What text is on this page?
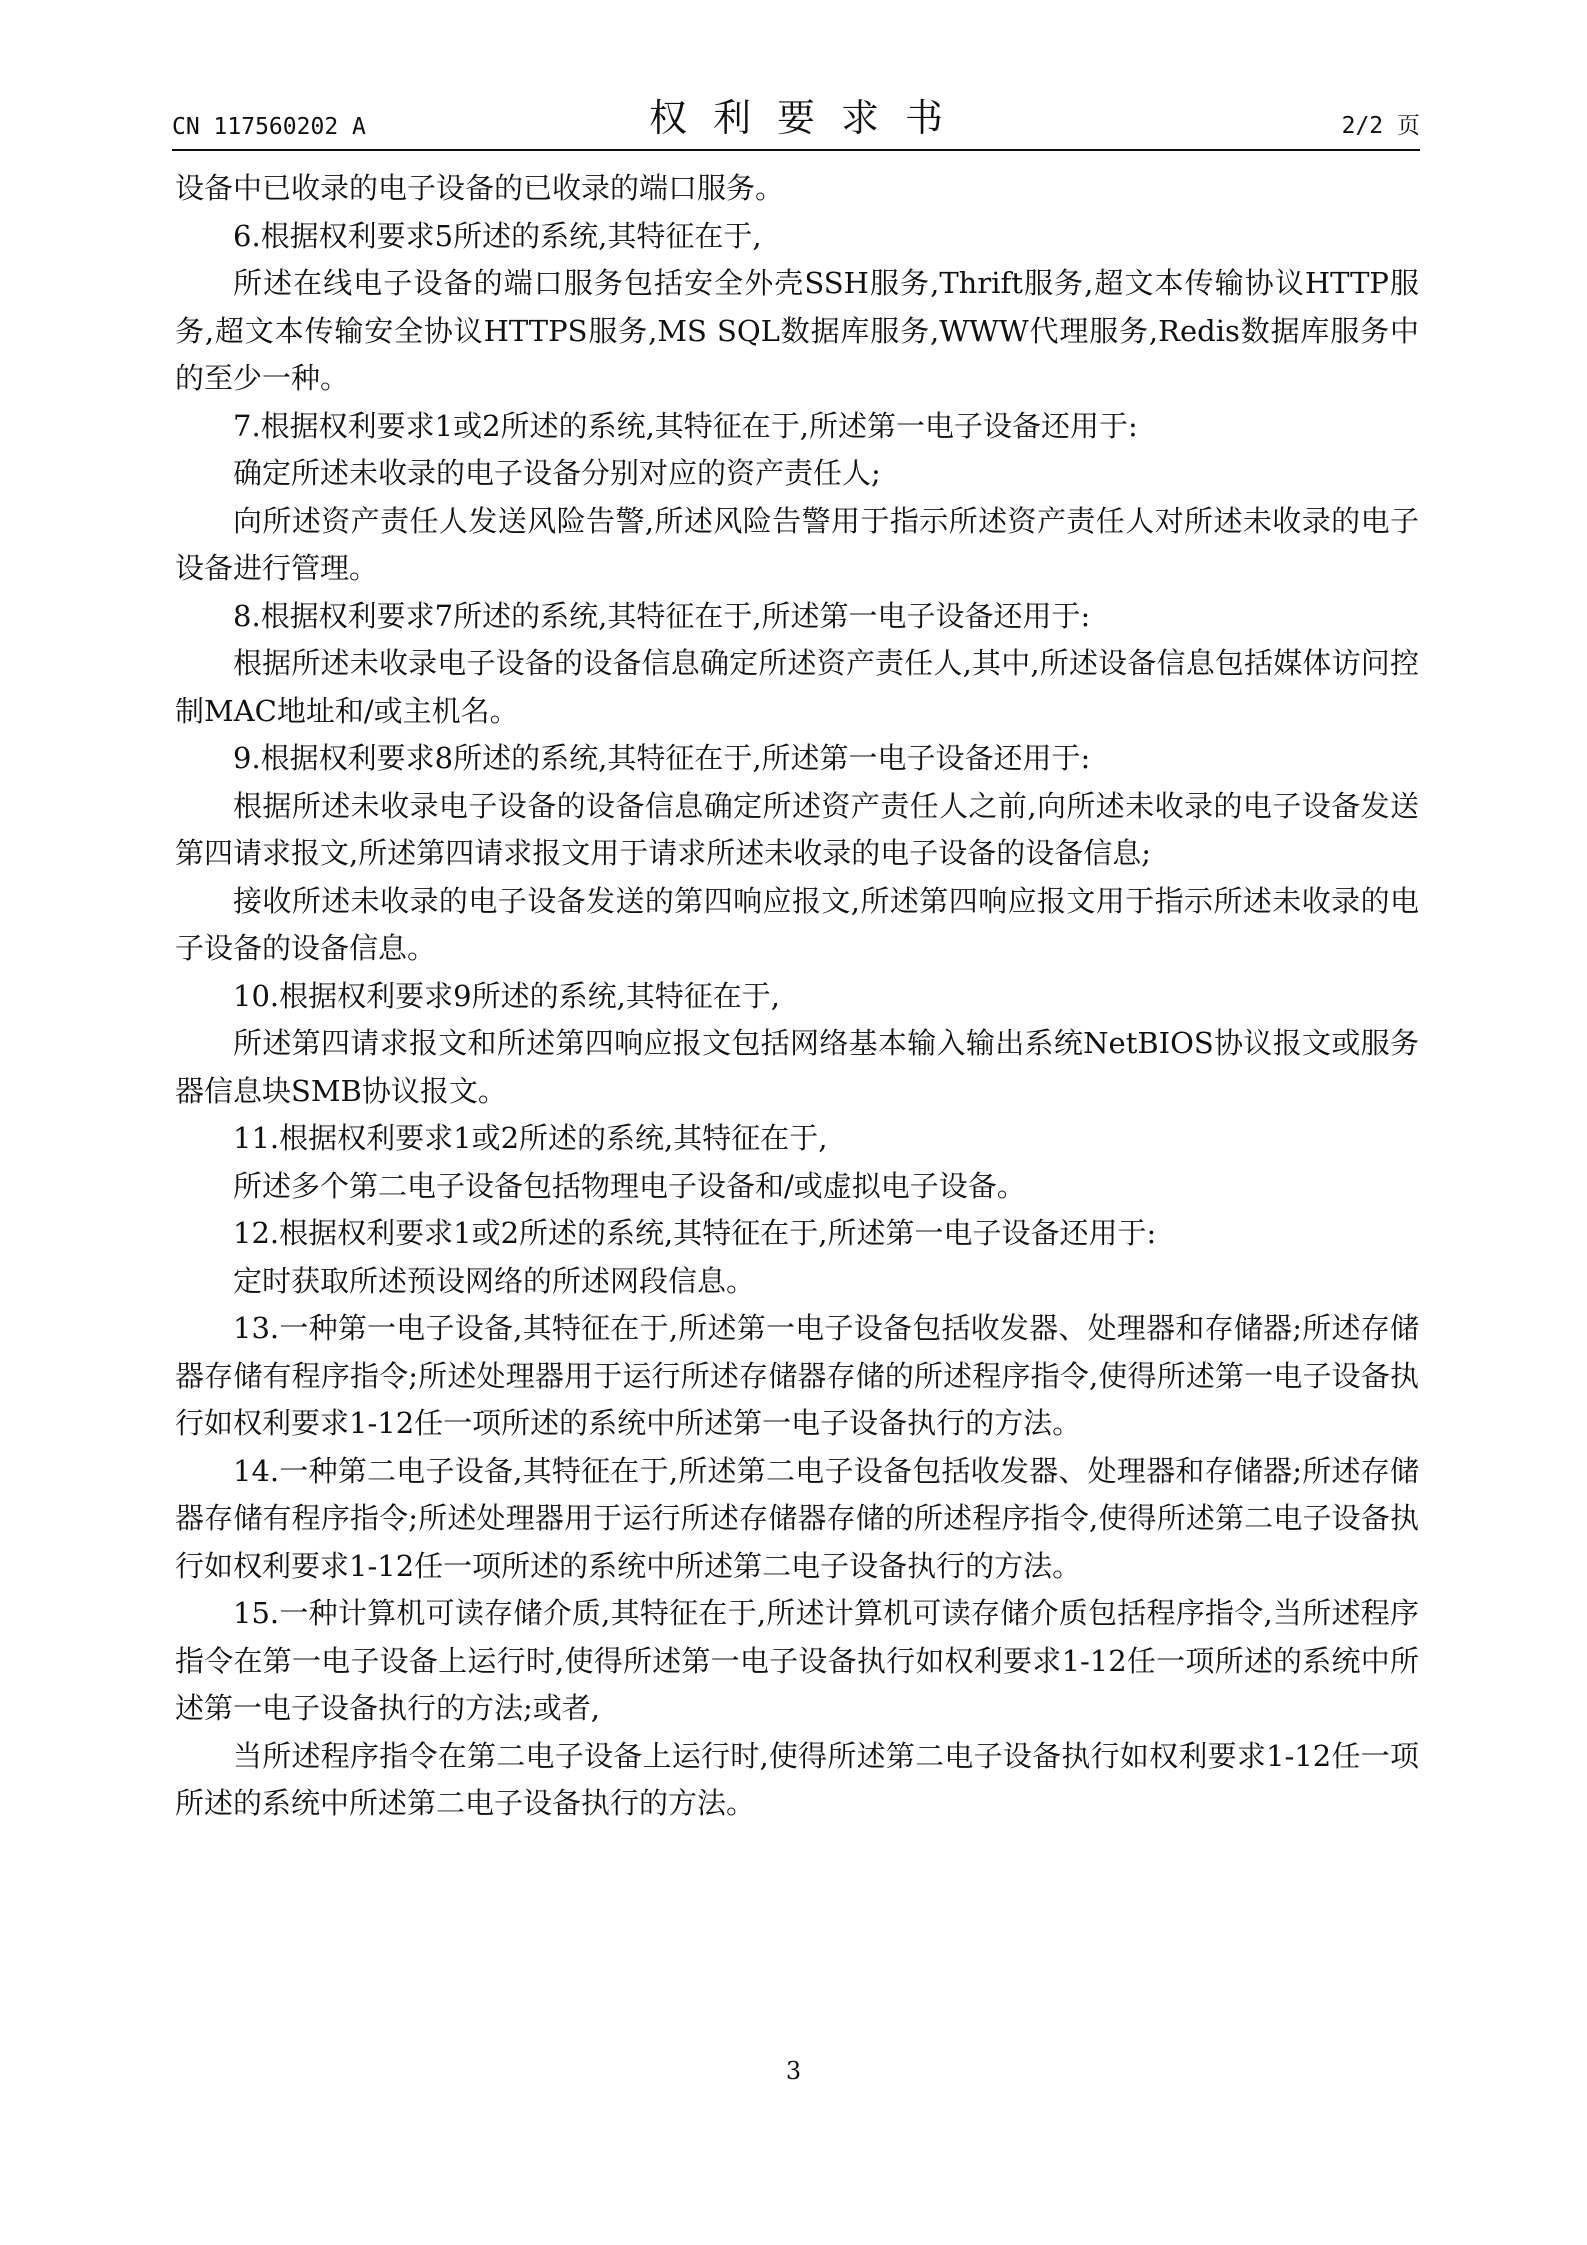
CN 117560202 A	权利要求书	2/2 页

设备中已收录的电子设备的已收录的端口服务。

6.根据权利要求5所述的系统,其特征在于,

所述在线电子设备的端口服务包括安全外壳SSH服务,Thrift服务,超文本传输协议HTTP服务,超文本传输安全协议HTTPS服务,MS SQL数据库服务,WWW代理服务,Redis数据库服务中的至少一种。

7.根据权利要求1或2所述的系统,其特征在于,所述第一电子设备还用于:

确定所述未收录的电子设备分别对应的资产责任人;

向所述资产责任人发送风险告警,所述风险告警用于指示所述资产责任人对所述未收录的电子设备进行管理。

8.根据权利要求7所述的系统,其特征在于,所述第一电子设备还用于:

根据所述未收录电子设备的设备信息确定所述资产责任人,其中,所述设备信息包括媒体访问控制MAC地址和/或主机名。

9.根据权利要求8所述的系统,其特征在于,所述第一电子设备还用于:

根据所述未收录电子设备的设备信息确定所述资产责任人之前,向所述未收录的电子设备发送第四请求报文,所述第四请求报文用于请求所述未收录的电子设备的设备信息;

接收所述未收录的电子设备发送的第四响应报文,所述第四响应报文用于指示所述未收录的电子设备的设备信息。

10.根据权利要求9所述的系统,其特征在于,

所述第四请求报文和所述第四响应报文包括网络基本输入输出系统NetBIOS协议报文或服务器信息块SMB协议报文。

11.根据权利要求1或2所述的系统,其特征在于,

所述多个第二电子设备包括物理电子设备和/或虚拟电子设备。

12.根据权利要求1或2所述的系统,其特征在于,所述第一电子设备还用于:

定时获取所述预设网络的所述网段信息。

13.一种第一电子设备,其特征在于,所述第一电子设备包括收发器、处理器和存储器;所述存储器存储有程序指令;所述处理器用于运行所述存储器存储的所述程序指令,使得所述第一电子设备执行如权利要求1-12任一项所述的系统中所述第一电子设备执行的方法。

14.一种第二电子设备,其特征在于,所述第二电子设备包括收发器、处理器和存储器;所述存储器存储有程序指令;所述处理器用于运行所述存储器存储的所述程序指令,使得所述第二电子设备执行如权利要求1-12任一项所述的系统中所述第二电子设备执行的方法。

15.一种计算机可读存储介质,其特征在于,所述计算机可读存储介质包括程序指令,当所述程序指令在第一电子设备上运行时,使得所述第一电子设备执行如权利要求1-12任一项所述的系统中所述第一电子设备执行的方法;或者,

当所述程序指令在第二电子设备上运行时,使得所述第二电子设备执行如权利要求1-12任一项所述的系统中所述第二电子设备执行的方法。

3
